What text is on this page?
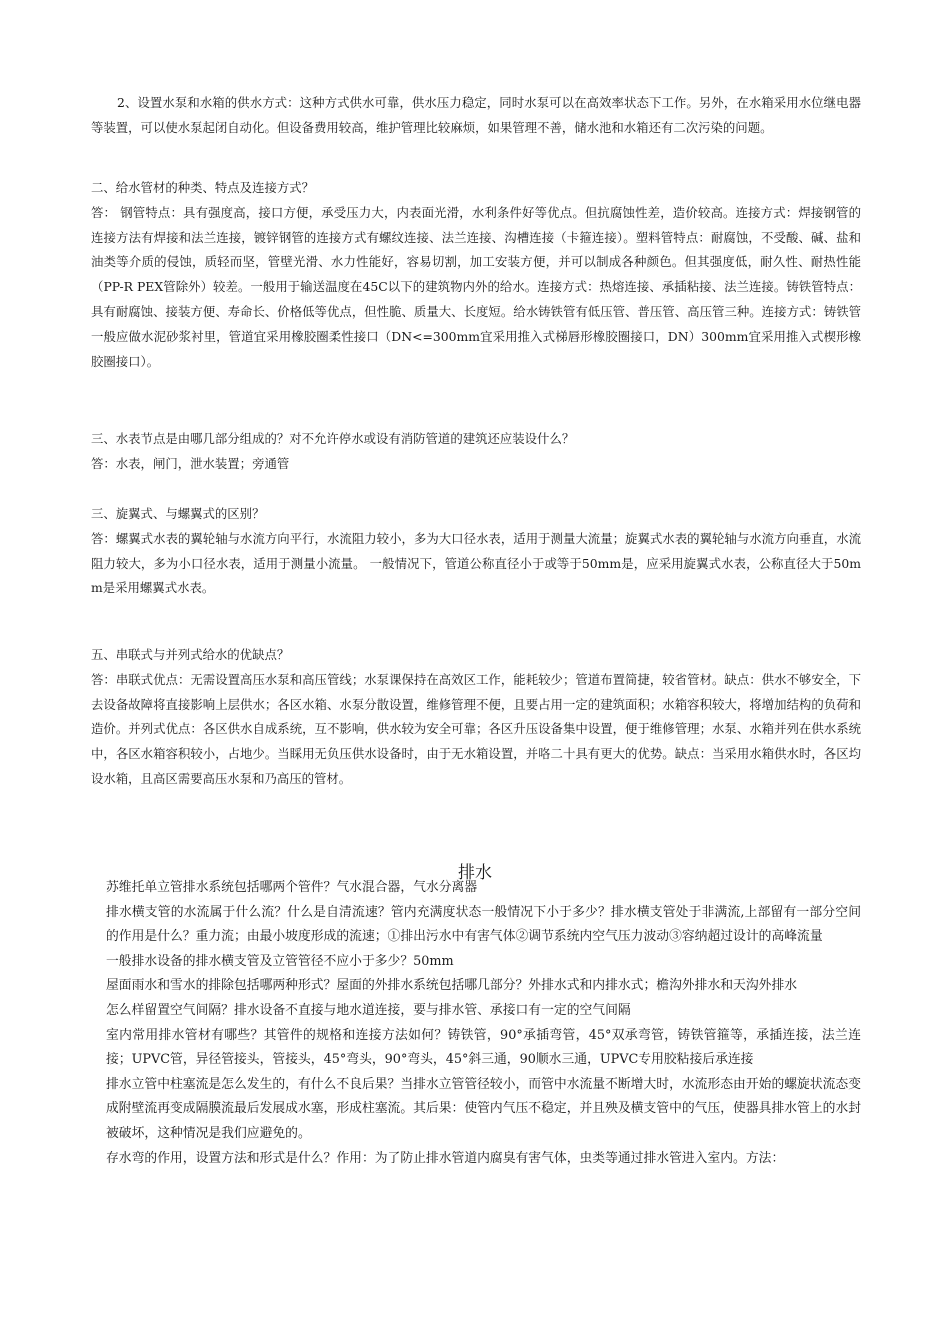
2、设置水泵和水箱的供水方式：这种方式供水可靠，供水压力稳定，同时水泵可以在高效率状态下工作。另外，在水箱采用水位继电器等装置，可以使水泵起闭自动化。但设备费用较高，维护管理比较麻烦，如果管理不善，储水池和水箱还有二次污染的问题。

二、给水管材的种类、特点及连接方式？

答： 钢管特点：具有强度高，接口方便，承受压力大，内表面光滑，水利条件好等优点。但抗腐蚀性差，造价较高。连接方式：焊接钢管的连接方法有焊接和法兰连接，镀锌钢管的连接方式有螺纹连接、法兰连接、沟槽连接（卡箍连接）。塑料管特点：耐腐蚀，不受酸、碱、盐和油类等介质的侵蚀，质轻而坚，管壁光滑、水力性能好，容易切割，加工安装方便，并可以制成各种颜色。但其强度低，耐久性、耐热性能（PP-R PEX管除外）较差。一般用于输送温度在45C以下的建筑物内外的给水。连接方式：热熔连接、承插粘接、法兰连接。铸铁管特点：具有耐腐蚀、接装方便、寿命长、价格低等优点，但性脆、质量大、长度短。给水铸铁管有低压管、普压管、高压管三种。连接方式：铸铁管一般应做水泥砂浆衬里，管道宜采用橡胶圈柔性接口（DN<=300mm宜采用推入式梯唇形橡胶圈接口，DN）300mm宜采用推入式楔形橡胶圈接口）。

三、水表节点是由哪几部分组成的？对不允许停水或设有消防管道的建筑还应装设什么？

答：水表，闸门，泄水装置；旁通管

三、旋翼式、与螺翼式的区别？

答：螺翼式水表的翼轮轴与水流方向平行，水流阻力较小，多为大口径水表，适用于测量大流量；旋翼式水表的翼轮轴与水流方向垂直，水流阻力较大，多为小口径水表，适用于测量小流量。 一般情况下，管道公称直径小于或等于50mm是，应采用旋翼式水表，公称直径大于50mm是采用螺翼式水表。

五、串联式与并列式给水的优缺点？

答：串联式优点：无需设置高压水泵和高压管线；水泵课保持在高效区工作，能耗较少；管道布置简捷，较省管材。缺点：供水不够安全，下去设备故障将直接影响上层供水；各区水箱、水泵分散设置，维修管理不便，且要占用一定的建筑面积；水箱容积较大，将增加结构的负荷和造价。并列式优点：各区供水自成系统，互不影响，供水较为安全可靠；各区升压设备集中设置，便于维修管理；水泵、水箱并列在供水系统中，各区水箱容积较小，占地少。当睬用无负压供水设备时，由于无水箱设置，并咯二十具有更大的优势。缺点：当采用水箱供水时，各区均设水箱，且高区需要高压水泵和乃高压的管材。

排水

苏维托单立管排水系统包括哪两个管件？气水混合器，气水分离器

排水横支管的水流属于什么流？什么是自清流速？管内充满度状态一般情况下小于多少？排水横支管处于非满流,上部留有一部分空间的作用是什么？重力流；由最小坡度形成的流速；①排出污水中有害气体②调节系统内空气压力波动③容纳超过设计的高峰流量

一般排水设备的排水横支管及立管管径不应小于多少？50mm

屋面雨水和雪水的排除包括哪两种形式？屋面的外排水系统包括哪几部分？外排水式和内排水式；檐沟外排水和天沟外排水

怎么样留置空气间隔？排水设备不直接与地水道连接，要与排水管、承接口有一定的空气间隔

室内常用排水管材有哪些？其管件的规格和连接方法如何？铸铁管，90°承插弯管，45°双承弯管，铸铁管箍等，承插连接，法兰连接；UPVC管，异径管接头，管接头，45°弯头，90°弯头，45°斜三通，90顺水三通，UPVC专用胶粘接后承连接

排水立管中柱塞流是怎么发生的，有什么不良后果？当排水立管管径较小，而管中水流量不断增大时，水流形态由开始的螺旋状流态变成附壁流再变成隔膜流最后发展成水塞，形成柱塞流。其后果：使管内气压不稳定，并且殃及横支管中的气压，使器具排水管上的水封被破坏，这种情况是我们应避免的。

存水弯的作用，设置方法和形式是什么？作用：为了防止排水管道内腐臭有害气体，虫类等通过排水管进入室内。方法：
